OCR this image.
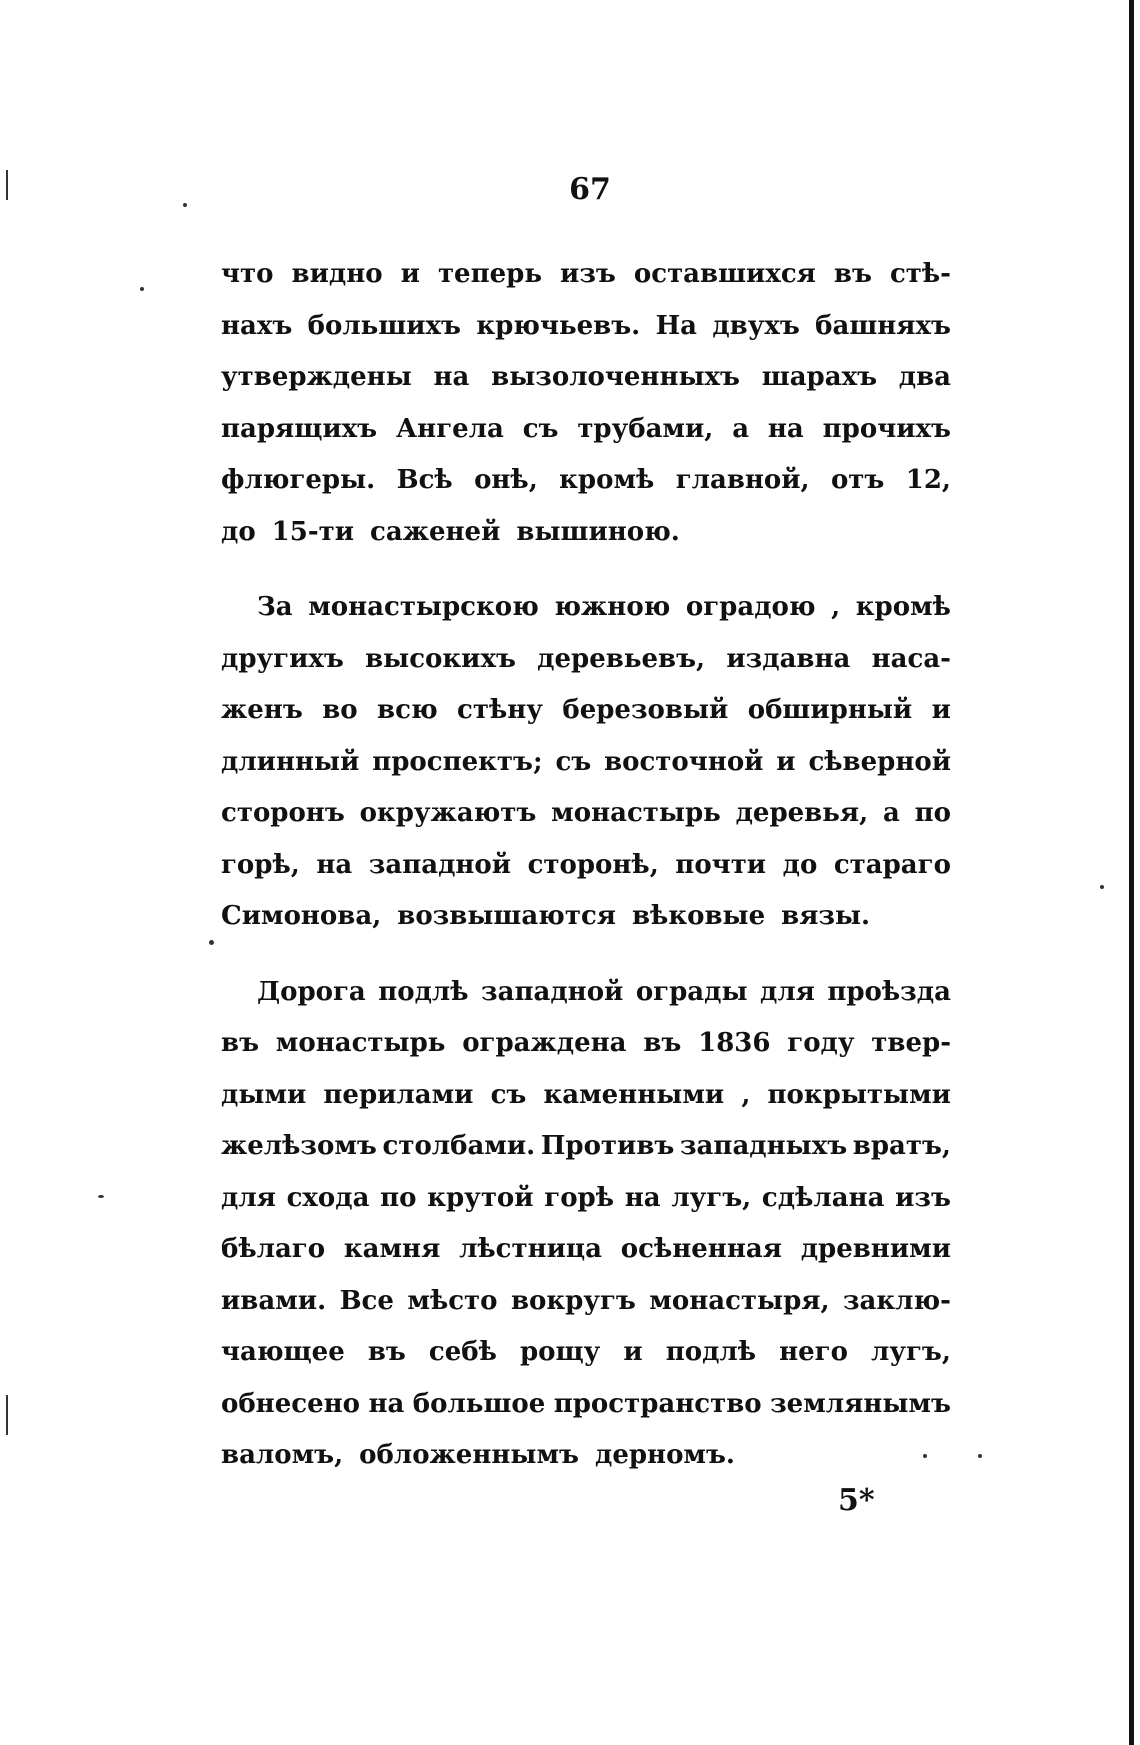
67
что видно и теперь изъ оставшихся въ стѣ-
нахъ большихъ крючьевъ. На двухъ башняхъ
утверждены на вызолоченныхъ шарахъ два
парящихъ Ангела съ трубами, а на прочихъ
флюгеры. Всѣ онѣ, кромѣ главной, отъ 12,
до 15-ти саженей вышиною.
За монастырскою южною оградою , кромѣ
другихъ высокихъ деревьевъ, издавна наса-
женъ во всю стѣну березовый обширный и
длинный проспектъ; съ восточной и сѣверной
сторонъ окружаютъ монастырь деревья, а по
горѣ, на западной сторонѣ, почти до стараго
Симонова, возвышаются вѣковые вязы.
Дорога подлѣ западной ограды для проѣзда
въ монастырь ограждена въ 1836 году твер-
дыми перилами съ каменными , покрытыми
желѣзомъ столбами. Противъ западныхъ вратъ,
для схода по крутой горѣ на лугъ, сдѣлана изъ
бѣлаго камня лѣстница осѣненная древними
ивами. Все мѣсто вокругъ монастыря, заклю-
чающее въ себѣ рощу и подлѣ него лугъ,
обнесено на большое пространство землянымъ
валомъ, обложеннымъ дерномъ.
5*
